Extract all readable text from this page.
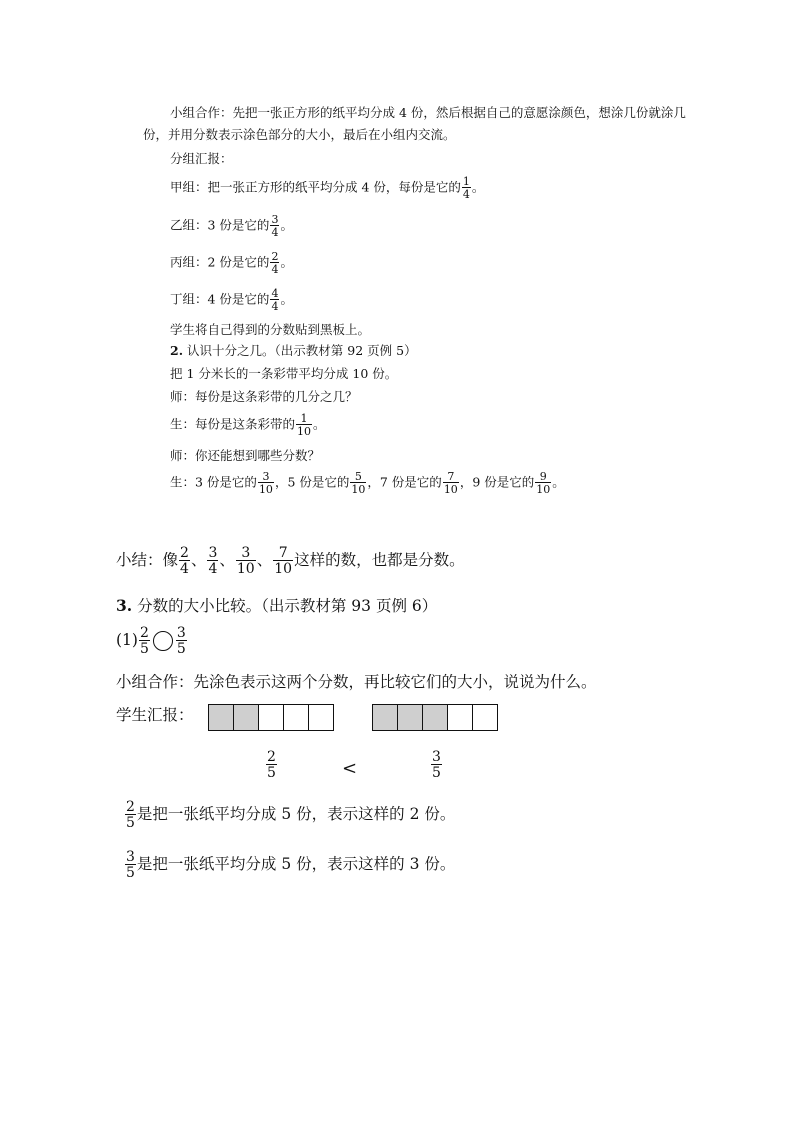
小组合作：先把一张正方形的纸平均分成 4 份，然后根据自己的意愿涂颜色，想涂几份就涂几
份，并用分数表示涂色部分的大小，最后在小组内交流。
分组汇报：
甲组：把一张正方形的纸平均分成 4 份，每份是它的 $\frac{1}{4}$ 。
乙组：3 份是它的 $\frac{3}{4}$ 。
丙组：2 份是它的 $\frac{2}{4}$ 。
丁组：4 份是它的 $\frac{4}{4}$ 。
学生将自己得到的分数贴到黑板上。
2. 认识十分之几。（出示教材第 92 页例 5）
把 1 分米长的一条彩带平均分成 10 份。
师：每份是这条彩带的几分之几？
生：每份是这条彩带的 $\frac{1}{10}$ 。
师：你还能想到哪些分数？
生：3 份是它的 $\frac{3}{10}$ ，5 份是它的 $\frac{5}{10}$ ，7 份是它的 $\frac{7}{10}$ ，9 份是它的 $\frac{9}{10}$ 。
小结：像 $\frac{2}{4}$ 、 $\frac{3}{4}$ 、 $\frac{3}{10}$ 、 $\frac{7}{10}$ 这样的数，也都是分数。
3. 分数的大小比较。（出示教材第 93 页例 6）
$(1) \frac{2}{5} \frac{3}{5}$
小组合作：先涂色表示这两个分数，再比较它们的大小，说说为什么。
学生汇报：
$\frac{2}{5}$	<	$\frac{3}{5}$
$\frac{2}{5}$ 是把一张纸平均分成 5 份，表示这样的 2 份。
$\frac{3}{5}$ 是把一张纸平均分成 5 份，表示这样的 3 份。
